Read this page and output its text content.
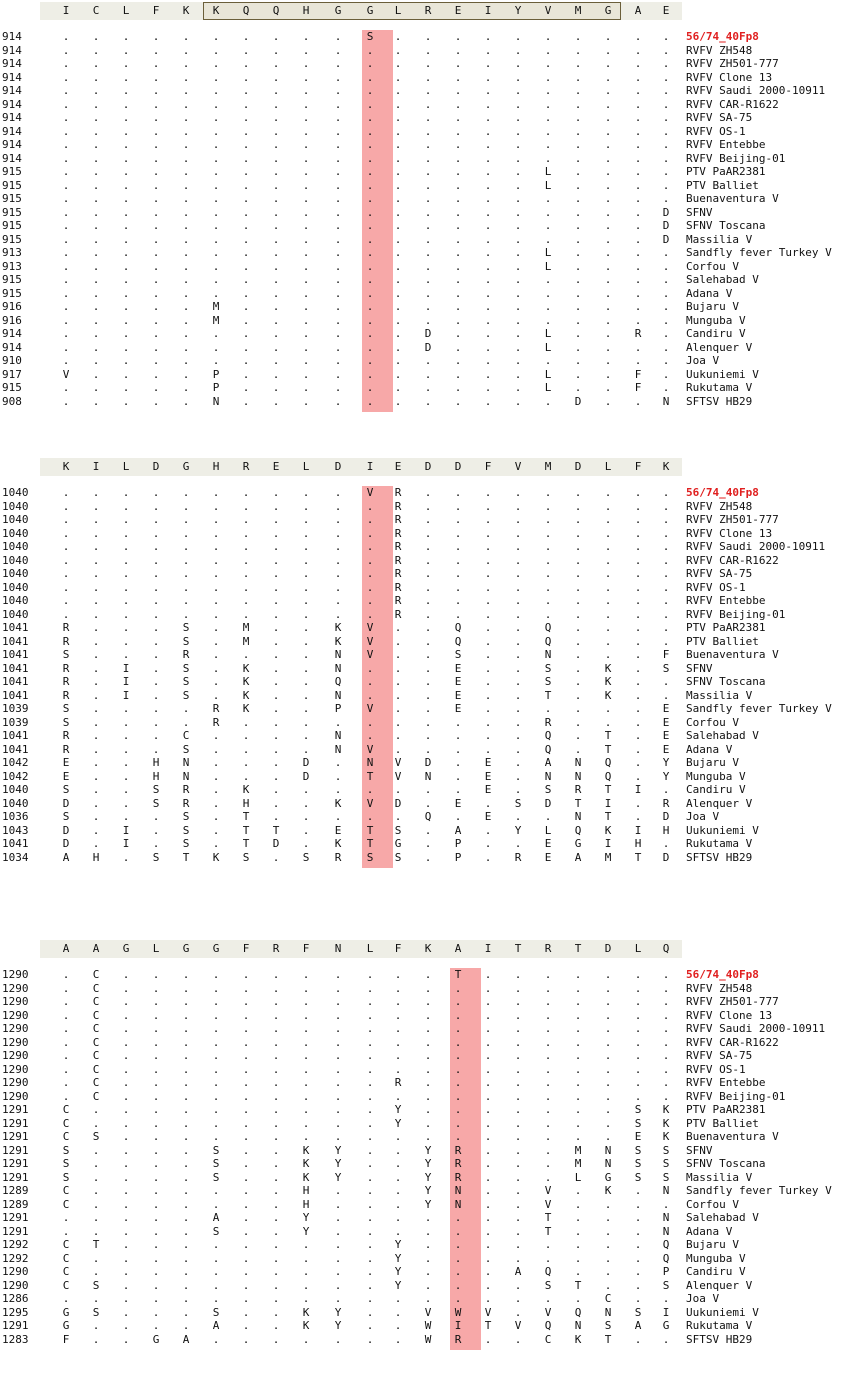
I	C	L	F	K	K	Q	Q	H	G	G	L	R	E	I	Y	V	M	G	A	E
914	.	.	.	.	.	.	.	.	.	.	S	.	.	.	.	.	.	.	.	.	.	56/74_40Fp8
914	.	.	.	.	.	.	.	.	.	.	.	.	.	.	.	.	.	.	.	.	.	RVFV ZH548
914	.	.	.	.	.	.	.	.	.	.	.	.	.	.	.	.	.	.	.	.	.	RVFV ZH501-777
914	.	.	.	.	.	.	.	.	.	.	.	.	.	.	.	.	.	.	.	.	.	RVFV Clone 13
914	.	.	.	.	.	.	.	.	.	.	.	.	.	.	.	.	.	.	.	.	.	RVFV Saudi 2000-10911
914	.	.	.	.	.	.	.	.	.	.	.	.	.	.	.	.	.	.	.	.	.	RVFV CAR-R1622
914	.	.	.	.	.	.	.	.	.	.	.	.	.	.	.	.	.	.	.	.	.	RVFV SA-75
914	.	.	.	.	.	.	.	.	.	.	.	.	.	.	.	.	.	.	.	.	.	RVFV OS-1
914	.	.	.	.	.	.	.	.	.	.	.	.	.	.	.	.	.	.	.	.	.	RVFV Entebbe
914	.	.	.	.	.	.	.	.	.	.	.	.	.	.	.	.	.	.	.	.	.	RVFV Beijing-01
915	.	.	.	.	.	.	.	.	.	.	.	.	.	.	.	.	L	.	.	.	.	PTV PaAR2381
915	.	.	.	.	.	.	.	.	.	.	.	.	.	.	.	.	L	.	.	.	.	PTV Balliet
915	.	.	.	.	.	.	.	.	.	.	.	.	.	.	.	.	.	.	.	.	.	Buenaventura V
915	.	.	.	.	.	.	.	.	.	.	.	.	.	.	.	.	.	.	.	.	D	SFNV
915	.	.	.	.	.	.	.	.	.	.	.	.	.	.	.	.	.	.	.	.	D	SFNV Toscana
915	.	.	.	.	.	.	.	.	.	.	.	.	.	.	.	.	.	.	.	.	D	Massilia V
913	.	.	.	.	.	.	.	.	.	.	.	.	.	.	.	.	L	.	.	.	.	Sandfly fever Turkey V
913	.	.	.	.	.	.	.	.	.	.	.	.	.	.	.	.	L	.	.	.	.	Corfou V
915	.	.	.	.	.	.	.	.	.	.	.	.	.	.	.	.	.	.	.	.	.	Salehabad V
915	.	.	.	.	.	.	.	.	.	.	.	.	.	.	.	.	.	.	.	.	.	Adana V
916	.	.	.	.	.	M	.	.	.	.	.	.	.	.	.	.	.	.	.	.	.	Bujaru V
916	.	.	.	.	.	M	.	.	.	.	.	.	.	.	.	.	.	.	.	.	.	Munguba V
914	.	.	.	.	.	.	.	.	.	.	.	.	D	.	.	.	L	.	.	R	.	Candiru V
914	.	.	.	.	.	.	.	.	.	.	.	.	D	.	.	.	L	.	.	.	.	Alenquer V
910	.	.	.	.	.	.	.	.	.	.	.	.	.	.	.	.	.	.	.	.	.	Joa V
917	V	.	.	.	.	P	.	.	.	.	.	.	.	.	.	.	L	.	.	F	.	Uukuniemi V
915	.	.	.	.	.	P	.	.	.	.	.	.	.	.	.	.	L	.	.	F	.	Rukutama V
908	.	.	.	.	.	N	.	.	.	.	.	.	.	.	.	.	.	D	.	.	N	SFTSV HB29
K	I	L	D	G	H	R	E	L	D	I	E	D	D	F	V	M	D	L	F	K
1040	.	.	.	.	.	.	.	.	.	.	V	R	.	.	.	.	.	.	.	.	.	56/74_40Fp8
1040	.	.	.	.	.	.	.	.	.	.	.	R	.	.	.	.	.	.	.	.	.	RVFV ZH548
1040	.	.	.	.	.	.	.	.	.	.	.	R	.	.	.	.	.	.	.	.	.	RVFV ZH501-777
1040	.	.	.	.	.	.	.	.	.	.	.	R	.	.	.	.	.	.	.	.	.	RVFV Clone 13
1040	.	.	.	.	.	.	.	.	.	.	.	R	.	.	.	.	.	.	.	.	.	RVFV Saudi 2000-10911
1040	.	.	.	.	.	.	.	.	.	.	.	R	.	.	.	.	.	.	.	.	.	RVFV CAR-R1622
1040	.	.	.	.	.	.	.	.	.	.	.	R	.	.	.	.	.	.	.	.	.	RVFV SA-75
1040	.	.	.	.	.	.	.	.	.	.	.	R	.	.	.	.	.	.	.	.	.	RVFV OS-1
1040	.	.	.	.	.	.	.	.	.	.	.	R	.	.	.	.	.	.	.	.	.	RVFV Entebbe
1040	.	.	.	.	.	.	.	.	.	.	.	R	.	.	.	.	.	.	.	.	.	RVFV Beijing-01
1041	R	.	.	.	S	.	M	.	.	K	V	.	.	Q	.	.	Q	.	.	.	.	PTV PaAR2381
1041	R	.	.	.	S	.	M	.	.	K	V	.	.	Q	.	.	Q	.	.	.	.	PTV Balliet
1041	S	.	.	.	R	.	.	.	.	N	V	.	.	S	.	.	N	.	.	.	F	Buenaventura V
1041	R	.	I	.	S	.	K	.	.	N	.	.	.	E	.	.	S	.	K	.	S	SFNV
1041	R	.	I	.	S	.	K	.	.	Q	.	.	.	E	.	.	S	.	K	.	.	SFNV Toscana
1041	R	.	I	.	S	.	K	.	.	N	.	.	.	E	.	.	T	.	K	.	.	Massilia V
1039	S	.	.	.	.	R	K	.	.	P	V	.	.	E	.	.	.	.	.	.	E	Sandfly fever Turkey V
1039	S	.	.	.	.	R	.	.	.	.	.	.	.	.	.	.	R	.	.	.	E	Corfou V
1041	R	.	.	.	C	.	.	.	.	N	.	.	.	.	.	.	Q	.	T	.	E	Salehabad V
1041	R	.	.	.	S	.	.	.	.	N	V	.	.	.	.	.	Q	.	T	.	E	Adana V
1042	E	.	.	H	N	.	.	.	D	.	N	V	D	.	E	.	A	N	Q	.	Y	Bujaru V
1042	E	.	.	H	N	.	.	.	D	.	T	V	N	.	E	.	N	N	Q	.	Y	Munguba V
1040	S	.	.	S	R	.	K	.	.	.	.	.	.	.	E	.	S	R	T	I	.	Candiru V
1040	D	.	.	S	R	.	H	.	.	K	V	D	.	E	.	S	D	T	I	.	R	Alenquer V
1036	S	.	.	.	S	.	T	.	.	.	.	.	Q	.	E	.	.	N	T	.	D	Joa V
1043	D	.	I	.	S	.	T	T	.	E	T	S	.	A	.	Y	L	Q	K	I	H	Uukuniemi V
1041	D	.	I	.	S	.	T	D	.	K	T	G	.	P	.	.	E	G	I	H	.	Rukutama V
1034	A	H	.	S	T	K	S	.	S	R	S	S	.	P	.	R	E	A	M	T	D	SFTSV HB29
A	A	G	L	G	G	F	R	F	N	L	F	K	A	I	T	R	T	D	L	Q
1290	.	C	.	.	.	.	.	.	.	.	.	.	.	T	.	.	.	.	.	.	.	56/74_40Fp8
1290	.	C	.	.	.	.	.	.	.	.	.	.	.	.	.	.	.	.	.	.	.	RVFV ZH548
1290	.	C	.	.	.	.	.	.	.	.	.	.	.	.	.	.	.	.	.	.	.	RVFV ZH501-777
1290	.	C	.	.	.	.	.	.	.	.	.	.	.	.	.	.	.	.	.	.	.	RVFV Clone 13
1290	.	C	.	.	.	.	.	.	.	.	.	.	.	.	.	.	.	.	.	.	.	RVFV Saudi 2000-10911
1290	.	C	.	.	.	.	.	.	.	.	.	.	.	.	.	.	.	.	.	.	.	RVFV CAR-R1622
1290	.	C	.	.	.	.	.	.	.	.	.	.	.	.	.	.	.	.	.	.	.	RVFV SA-75
1290	.	C	.	.	.	.	.	.	.	.	.	.	.	.	.	.	.	.	.	.	.	RVFV OS-1
1290	.	C	.	.	.	.	.	.	.	.	.	R	.	.	.	.	.	.	.	.	.	RVFV Entebbe
1290	.	C	.	.	.	.	.	.	.	.	.	.	.	.	.	.	.	.	.	.	.	RVFV Beijing-01
1291	C	.	.	.	.	.	.	.	.	.	.	Y	.	.	.	.	.	.	.	S	K	PTV PaAR2381
1291	C	.	.	.	.	.	.	.	.	.	.	Y	.	.	.	.	.	.	.	S	K	PTV Balliet
1291	C	S	.	.	.	.	.	.	.	.	.	.	.	.	.	.	.	.	.	E	K	Buenaventura V
1291	S	.	.	.	.	S	.	.	K	Y	.	.	Y	R	.	.	.	M	N	S	S	SFNV
1291	S	.	.	.	.	S	.	.	K	Y	.	.	Y	R	.	.	.	M	N	S	S	SFNV Toscana
1291	S	.	.	.	.	S	.	.	K	Y	.	.	Y	R	.	.	.	L	G	S	S	Massilia V
1289	C	.	.	.	.	.	.	.	H	.	.	.	Y	N	.	.	V	.	K	.	N	Sandfly fever Turkey V
1289	C	.	.	.	.	.	.	.	H	.	.	.	Y	N	.	.	V	.	.	.	.	Corfou V
1291	.	.	.	.	.	A	.	.	Y	.	.	.	.	.	.	.	T	.	.	.	N	Salehabad V
1291	.	.	.	.	.	S	.	.	Y	.	.	.	.	.	.	.	T	.	.	.	N	Adana V
1292	C	T	.	.	.	.	.	.	.	.	.	Y	.	.	.	.	.	.	.	.	Q	Bujaru V
1292	C	.	.	.	.	.	.	.	.	.	.	Y	.	.	.	.	.	.	.	.	Q	Munguba V
1290	C	.	.	.	.	.	.	.	.	.	.	Y	.	.	.	A	Q	.	.	.	P	Candiru V
1290	C	S	.	.	.	.	.	.	.	.	.	Y	.	.	.	.	S	T	.	.	S	Alenquer V
1286	.	.	.	.	.	.	.	.	.	.	.	.	.	.	.	.	.	.	C	.	.	Joa V
1295	G	S	.	.	.	S	.	.	K	Y	.	.	V	W	V	.	V	Q	N	S	I	Uukuniemi V
1291	G	.	.	.	.	A	.	.	K	Y	.	.	W	I	T	V	Q	N	S	A	G	Rukutama V
1283	F	.	.	G	A	.	.	.	.	.	.	.	W	R	.	.	C	K	T	.	.	SFTSV HB29
